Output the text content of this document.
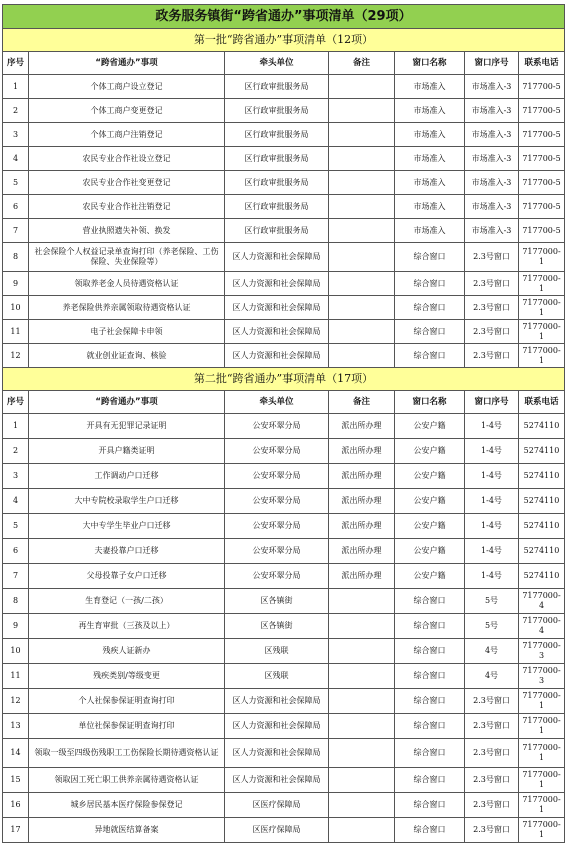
政务服务镇街“跨省通办”事项清单（29项）						
第一批“跨省通办”事项清单（12项）						
序号	“跨省通办”事项	牵头单位	备注	窗口名称	窗口序号	联系电话
1	个体工商户设立登记	区行政审批服务局		市场准入	市场准入-3	717700-5
2	个体工商户变更登记	区行政审批服务局		市场准入	市场准入-3	717700-5
3	个体工商户注销登记	区行政审批服务局		市场准入	市场准入-3	717700-5
4	农民专业合作社设立登记	区行政审批服务局		市场准入	市场准入-3	717700-5
5	农民专业合作社变更登记	区行政审批服务局		市场准入	市场准入-3	717700-5
6	农民专业合作社注销登记	区行政审批服务局		市场准入	市场准入-3	717700-5
7	营业执照遗失补领、换发	区行政审批服务局		市场准入	市场准入-3	717700-5
8	社会保险个人权益记录单查询打印（养老保险、工伤保险、失业保险等）	区人力资源和社会保障局		综合窗口	2.3号窗口	7177000-1
9	领取养老金人员待遇资格认证	区人力资源和社会保障局		综合窗口	2.3号窗口	7177000-1
10	养老保险供养亲属领取待遇资格认证	区人力资源和社会保障局		综合窗口	2.3号窗口	7177000-1
11	电子社会保障卡申领	区人力资源和社会保障局		综合窗口	2.3号窗口	7177000-1
12	就业创业证查询、核验	区人力资源和社会保障局		综合窗口	2.3号窗口	7177000-1
第二批“跨省通办”事项清单（17项）						
序号	“跨省通办”事项	牵头单位	备注	窗口名称	窗口序号	联系电话
1	开具有无犯罪记录证明	公安环翠分局	派出所办理	公安户籍	1-4号	5274110
2	开具户籍类证明	公安环翠分局	派出所办理	公安户籍	1-4号	5274110
3	工作调动户口迁移	公安环翠分局	派出所办理	公安户籍	1-4号	5274110
4	大中专院校录取学生户口迁移	公安环翠分局	派出所办理	公安户籍	1-4号	5274110
5	大中专学生毕业户口迁移	公安环翠分局	派出所办理	公安户籍	1-4号	5274110
6	夫妻投靠户口迁移	公安环翠分局	派出所办理	公安户籍	1-4号	5274110
7	父母投靠子女户口迁移	公安环翠分局	派出所办理	公安户籍	1-4号	5274110
8	生育登记（一孩/二孩）	区各镇街		综合窗口	5号	7177000-4
9	再生育审批（三孩及以上）	区各镇街		综合窗口	5号	7177000-4
10	残疾人证新办	区残联		综合窗口	4号	7177000-3
11	残疾类别/等级变更	区残联		综合窗口	4号	7177000-3
12	个人社保参保证明查询打印	区人力资源和社会保障局		综合窗口	2.3号窗口	7177000-1
13	单位社保参保证明查询打印	区人力资源和社会保障局		综合窗口	2.3号窗口	7177000-1
14	领取一级至四级伤残职工工伤保险长期待遇资格认证	区人力资源和社会保障局		综合窗口	2.3号窗口	7177000-1
15	领取因工死亡职工供养亲属待遇资格认证	区人力资源和社会保障局		综合窗口	2.3号窗口	7177000-1
16	城乡居民基本医疗保险参保登记	区医疗保障局		综合窗口	2.3号窗口	7177000-1
17	异地就医结算备案	区医疗保障局		综合窗口	2.3号窗口	7177000-1
